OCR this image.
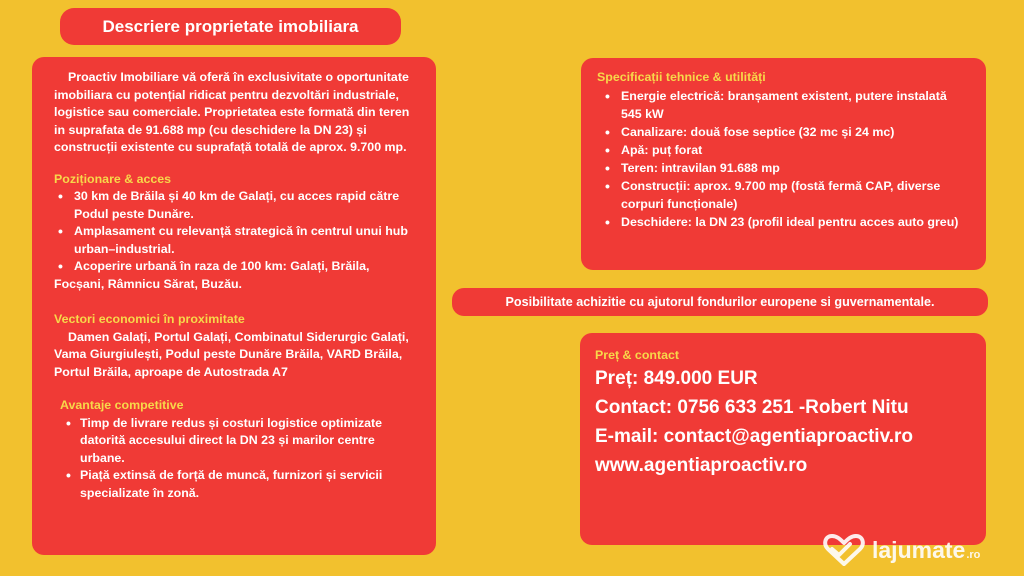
Descriere proprietate imobiliara

Proactiv Imobiliare vă oferă în exclusivitate o oportunitate imobiliara cu potențial ridicat pentru dezvoltări industriale, logistice sau comerciale. Proprietatea este formată din teren in suprafata de 91.688 mp (cu deschidere la DN 23) și construcții existente cu suprafață totală de aprox. 9.700 mp.

Poziționare & acces
• 30 km de Brăila și 40 km de Galați, cu acces rapid către Podul peste Dunăre.
• Amplasament cu relevanță strategică în centrul unui hub urban–industrial.
• Acoperire urbană în raza de 100 km: Galați, Brăila,
Focșani, Râmnicu Sărat, Buzău.
Vectori economici în proximitate
Damen Galați, Portul Galați, Combinatul Siderurgic Galați, Vama Giurgiulești, Podul peste Dunăre Brăila, VARD Brăila, Portul Brăila, aproape de Autostrada A7
Avantaje competitive
• Timp de livrare redus și costuri logistice optimizate datorită accesului direct la DN 23 și marilor centre urbane.
• Piață extinsă de forță de muncă, furnizori și servicii specializate în zonă.
Specificații tehnice & utilități
• Energie electrică: branșament existent, putere instalată 545 kW
• Canalizare: două fose septice (32 mc și 24 mc)
• Apă: puț forat
• Teren: intravilan 91.688 mp
• Construcții: aprox. 9.700 mp (fostă fermă CAP, diverse corpuri funcționale)
• Deschidere: la DN 23 (profil ideal pentru acces auto greu)
Posibilitate achizitie cu ajutorul fondurilor europene si guvernamentale.
Preț & contact
Preț: 849.000 EUR
Contact: 0756 633 251 -Robert Nitu
E-mail: contact@agentiaproactiv.ro
www.agentiaproactiv.ro
lajumate .ro
